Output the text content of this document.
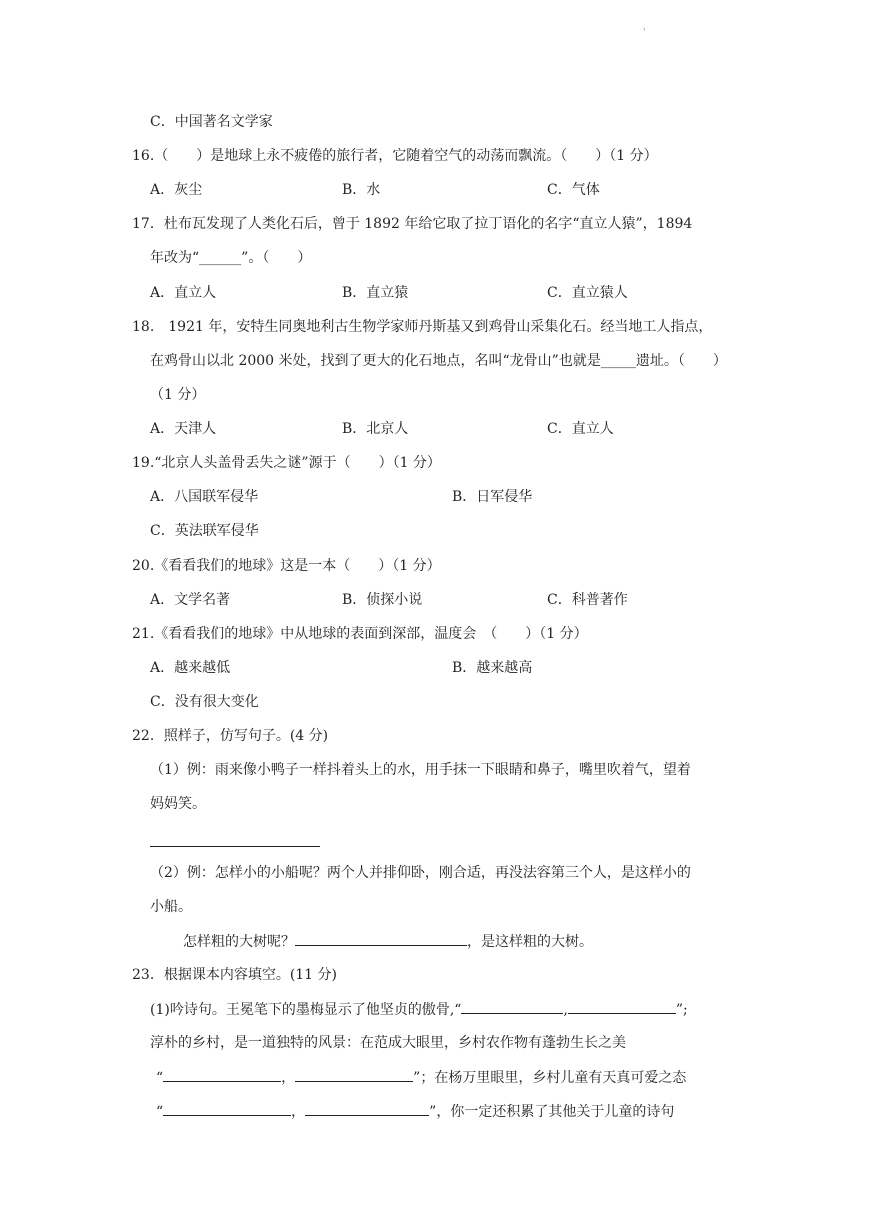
'
C．中国著名文学家
16.（　　）是地球上永不疲倦的旅行者，它随着空气的动荡而飘流。（　　）（1 分）
A．灰尘	B．水	C．气体
17．杜布瓦发现了人类化石后，曾于 1892 年给它取了拉丁语化的名字“直立人猿”，1894
年改为“______”。（　　）
A．直立人	B．直立猿	C．直立猿人
18.　1921 年，安特生同奥地利古生物学家师丹斯基又到鸡骨山采集化石。经当地工人指点，
在鸡骨山以北 2000 米处，找到了更大的化石地点，名叫“龙骨山”也就是_____遗址。（　　）
（1 分）
A．天津人	B．北京人	C．直立人
19.“北京人头盖骨丢失之谜”源于（　　）（1 分）
A．八国联军侵华	B．日军侵华
C．英法联军侵华
20.《看看我们的地球》这是一本（　　）（1 分）
A．文学名著	B．侦探小说	C．科普著作
21.《看看我们的地球》中从地球的表面到深部，温度会　（　　）（1 分）
A．越来越低	B．越来越高
C．没有很大变化
22．照样子，仿写句子。(4 分)
（1）例：雨来像小鸭子一样抖着头上的水，用手抹一下眼睛和鼻子，嘴里吹着气，望着
妈妈笑。
（2）例：怎样小的小船呢？两个人并排仰卧，刚合适，再没法容第三个人，是这样小的
小船。
怎样粗的大树呢？	，是这样粗的大树。
23．根据课本内容填空。(11 分)
(1)吟诗句。王冕笔下的墨梅显示了他坚贞的傲骨,“	,	”;
淳朴的乡村，是一道独特的风景：在范成大眼里，乡村农作物有蓬勃生长之美
“	，	”；在杨万里眼里，乡村儿童有天真可爱之态
“	，	”，你一定还积累了其他关于儿童的诗句
